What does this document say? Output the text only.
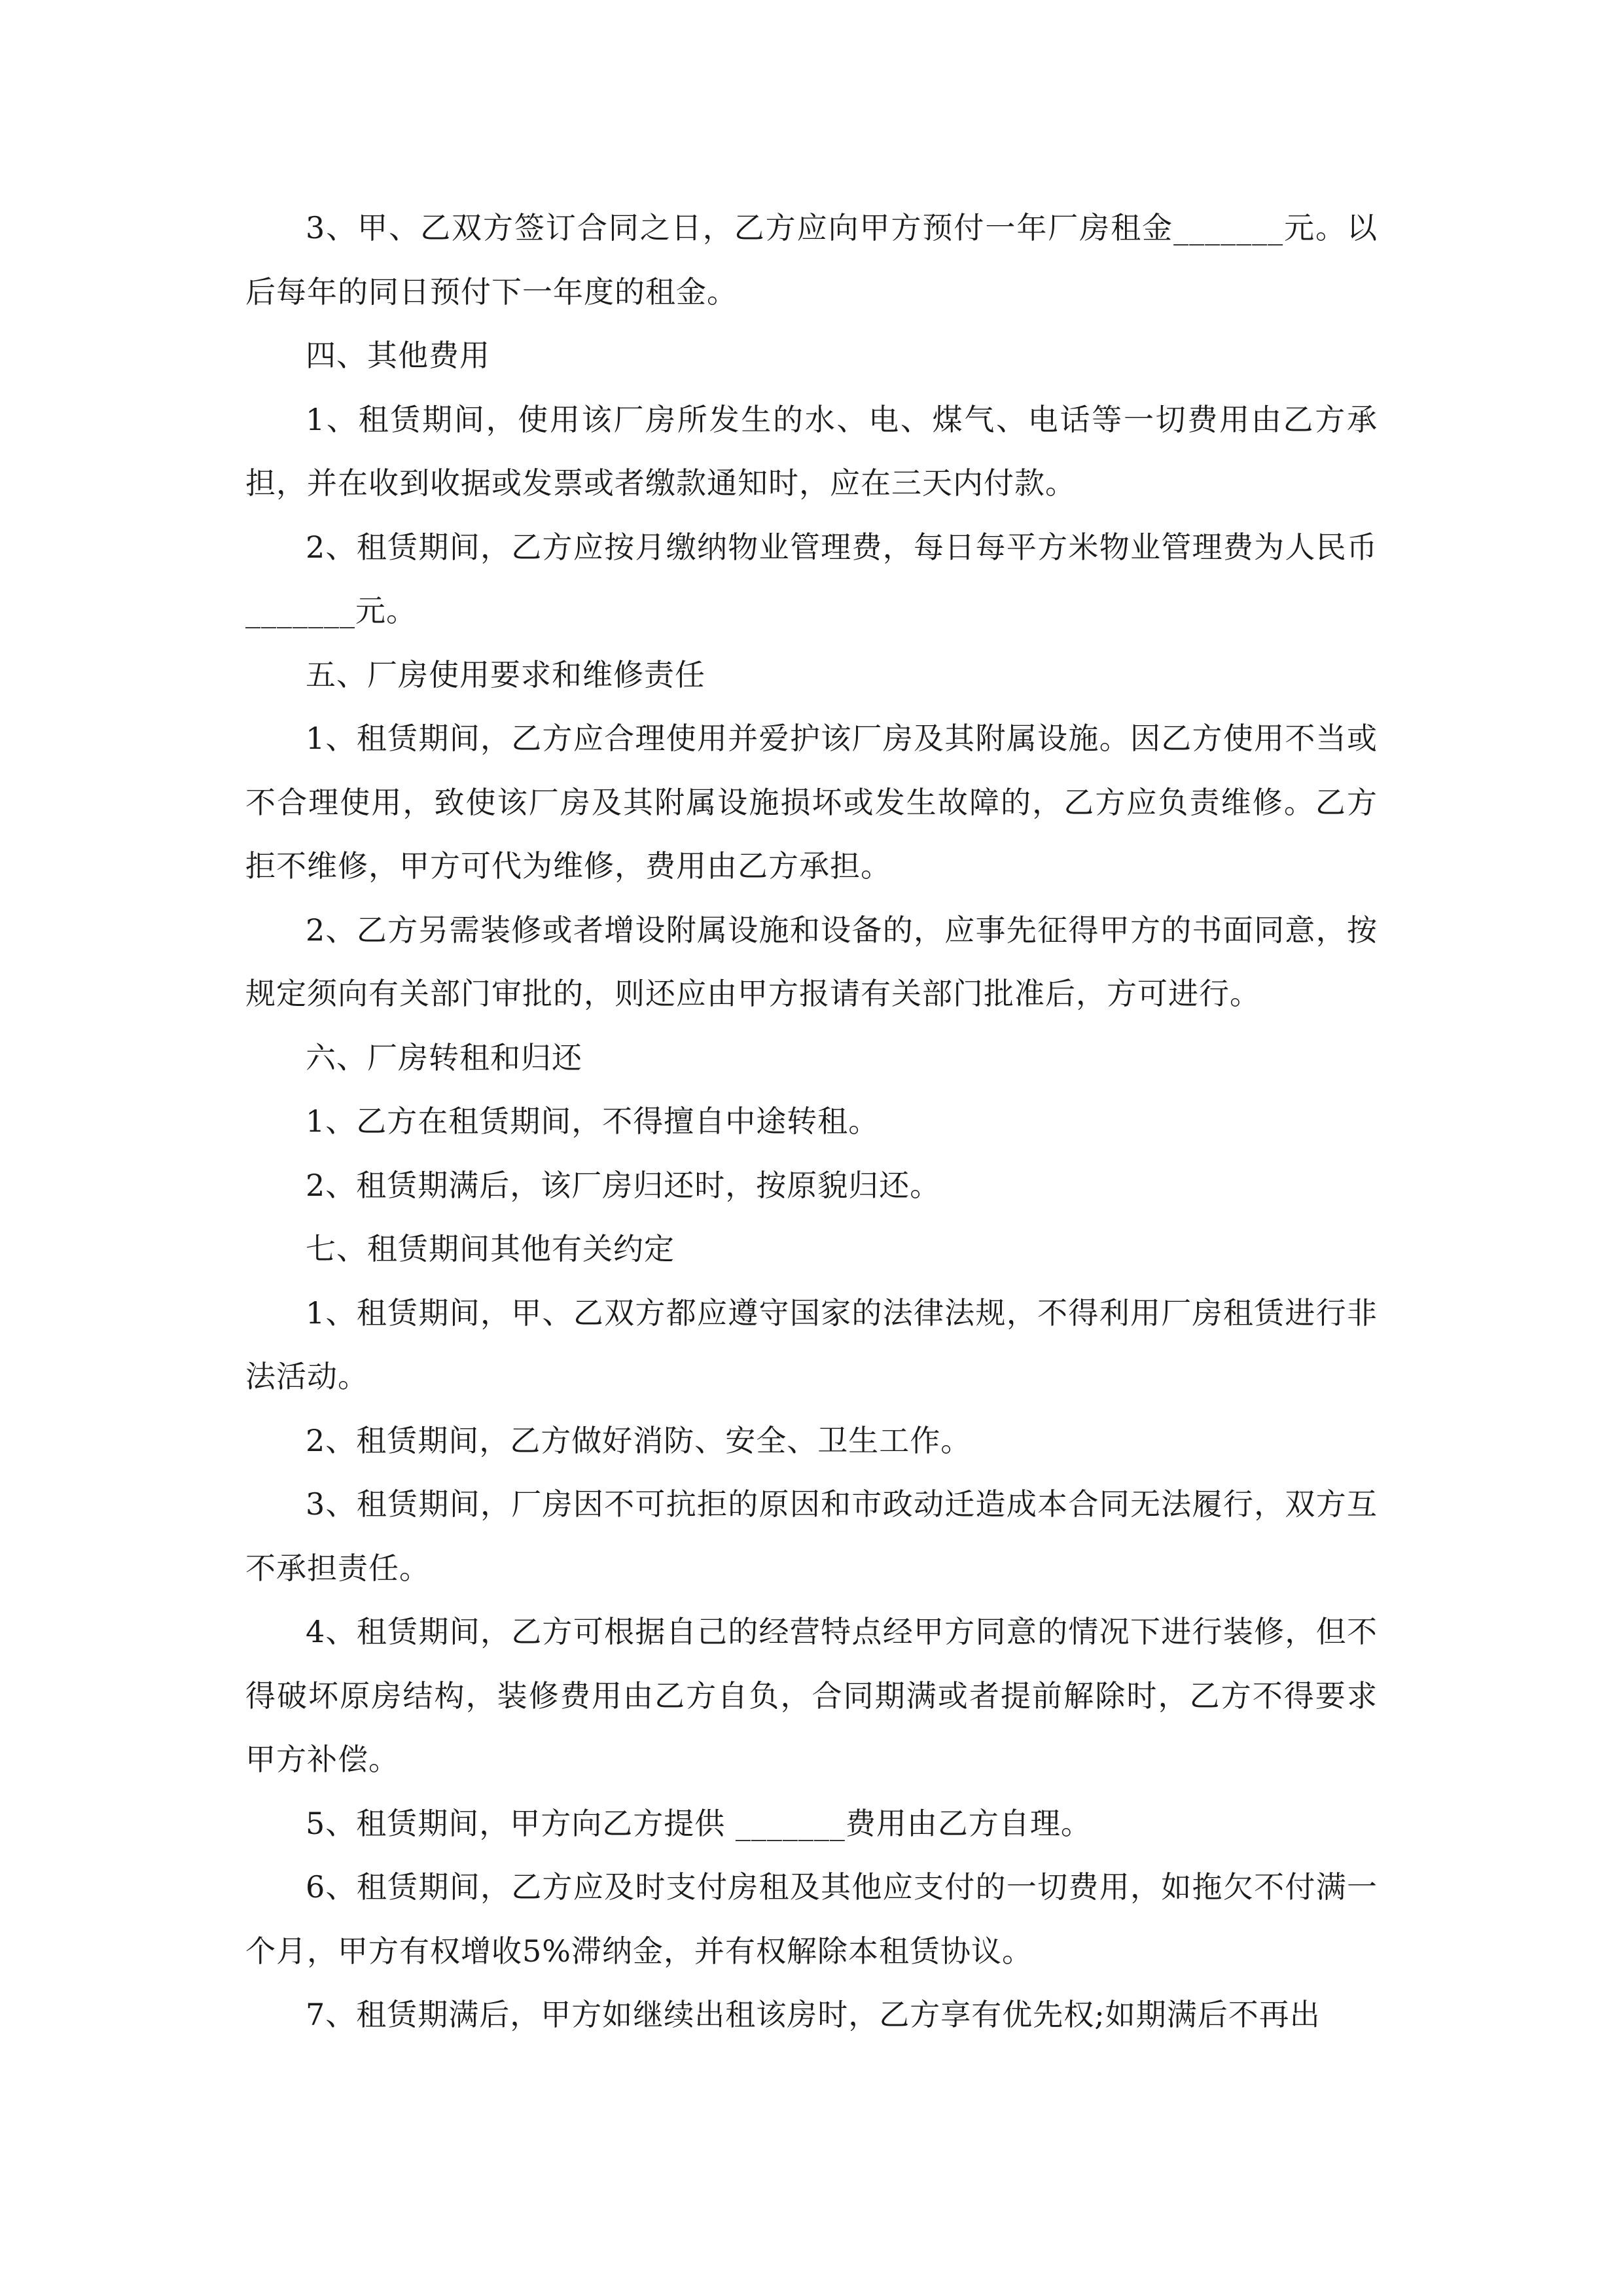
3、甲、乙双方签订合同之日，乙方应向甲方预付一年厂房租金_______元。以后每年的同日预付下一年度的租金。

四、其他费用

1、租赁期间，使用该厂房所发生的水、电、煤气、电话等一切费用由乙方承担，并在收到收据或发票或者缴款通知时，应在三天内付款。

2、租赁期间，乙方应按月缴纳物业管理费，每日每平方米物业管理费为人民币_______元。

五、厂房使用要求和维修责任

1、租赁期间，乙方应合理使用并爱护该厂房及其附属设施。因乙方使用不当或不合理使用，致使该厂房及其附属设施损坏或发生故障的，乙方应负责维修。乙方拒不维修，甲方可代为维修，费用由乙方承担。

2、乙方另需装修或者增设附属设施和设备的，应事先征得甲方的书面同意，按规定须向有关部门审批的，则还应由甲方报请有关部门批准后，方可进行。

六、厂房转租和归还

1、乙方在租赁期间，不得擅自中途转租。

2、租赁期满后，该厂房归还时，按原貌归还。

七、租赁期间其他有关约定

1、租赁期间，甲、乙双方都应遵守国家的法律法规，不得利用厂房租赁进行非法活动。

2、租赁期间，乙方做好消防、安全、卫生工作。

3、租赁期间，厂房因不可抗拒的原因和市政动迁造成本合同无法履行，双方互不承担责任。

4、租赁期间，乙方可根据自己的经营特点经甲方同意的情况下进行装修，但不得破坏原房结构，装修费用由乙方自负，合同期满或者提前解除时，乙方不得要求甲方补偿。

5、租赁期间，甲方向乙方提供 _______费用由乙方自理。

6、租赁期间，乙方应及时支付房租及其他应支付的一切费用，如拖欠不付满一个月，甲方有权增收5%滞纳金，并有权解除本租赁协议。

7、租赁期满后，甲方如继续出租该房时，乙方享有优先权;如期满后不再出
